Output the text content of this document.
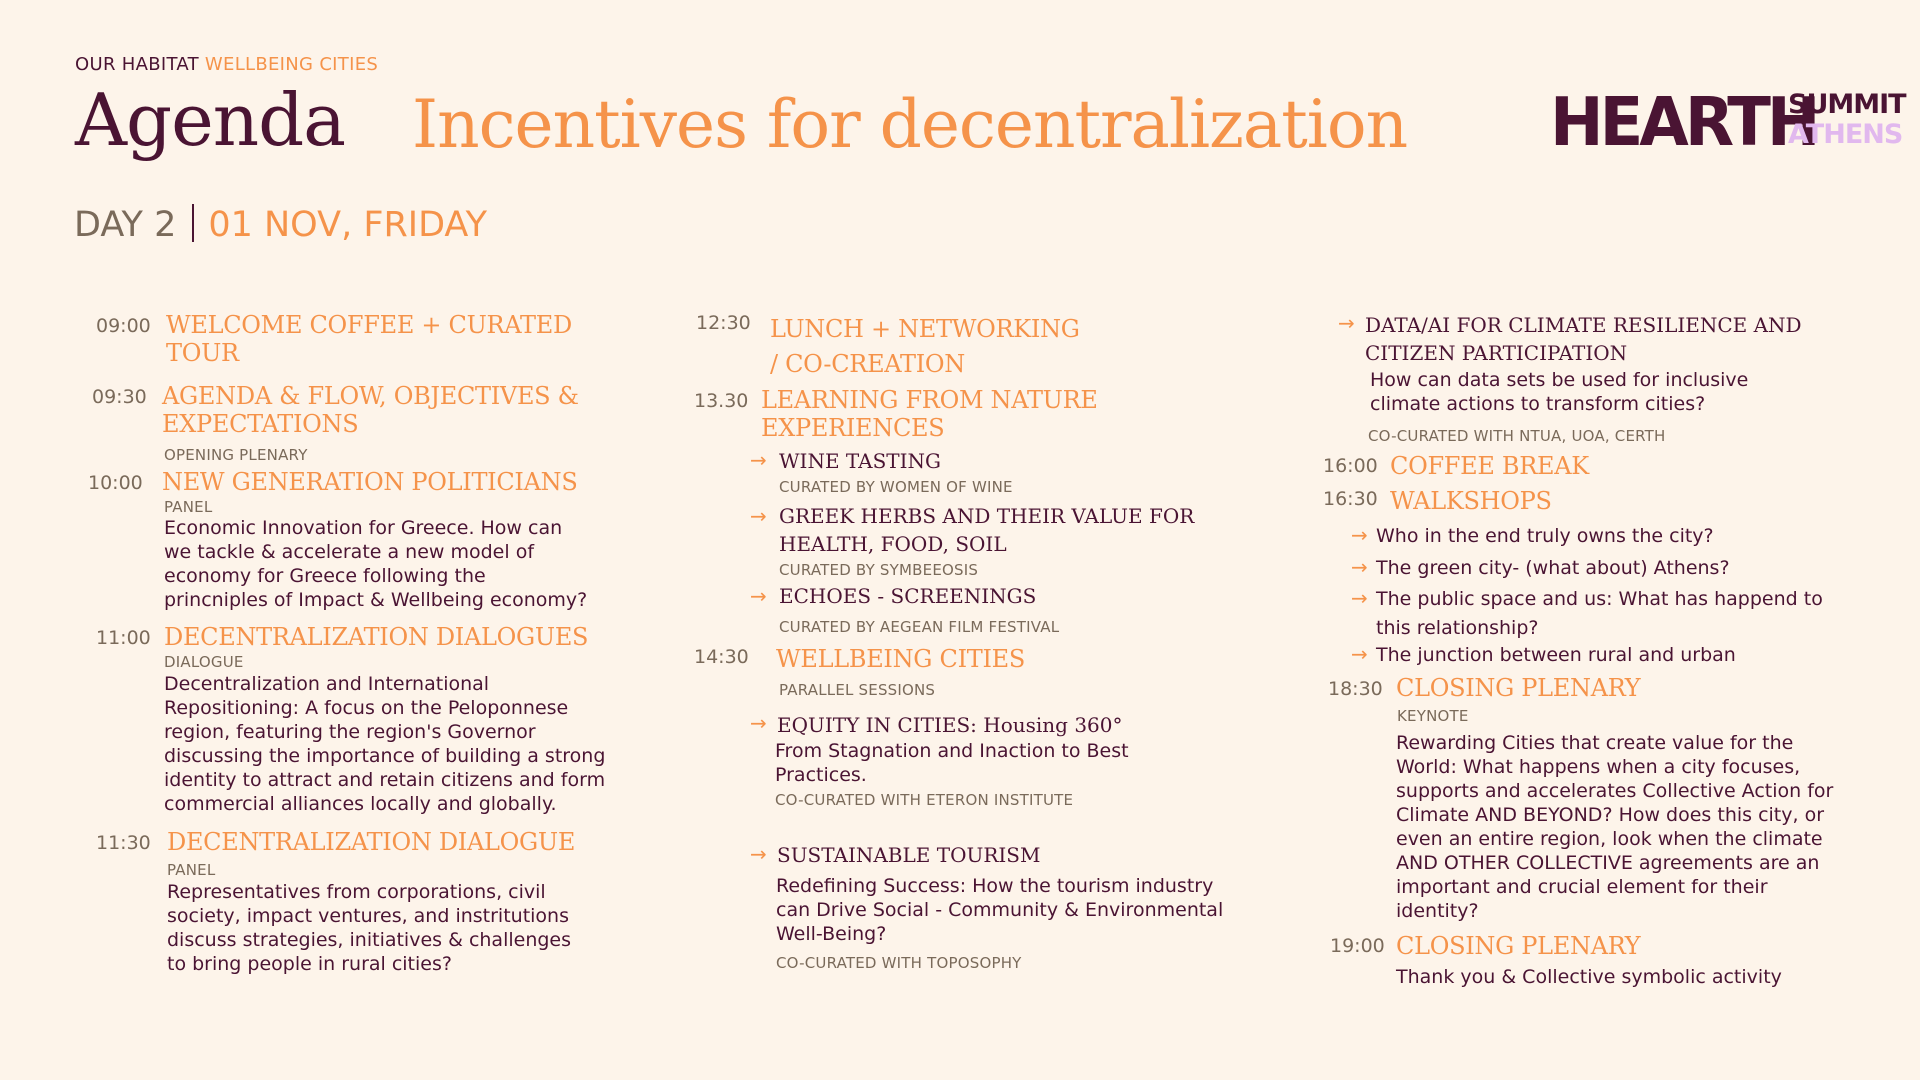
OUR HABITAT WELLBEING CITIES
Agenda Incentives for decentralization HEARTH
SUMMIT
ATHENS
DAY 2 01 NOV, FRIDAY
09:00 WELCOME COFFEE + CURATED
TOUR
09:30 AGENDA & FLOW, OBJECTIVES &
EXPECTATIONS
OPENING PLENARY
10:00 NEW GENERATION POLITICIANS
PANEL
Economic Innovation for Greece. How can
we tackle & accelerate a new model of
economy for Greece following the
princniples of Impact & Wellbeing economy?
11:00 DECENTRALIZATION DIALOGUES
DIALOGUE
Decentralization and International
Repositioning: A focus on the Peloponnese
region, featuring the region's Governor
discussing the importance of building a strong
identity to attract and retain citizens and form
commercial alliances locally and globally.
11:30 DECENTRALIZATION DIALOGUE
PANEL
Representatives from corporations, civil
society, impact ventures, and instritutions
discuss strategies, initiatives & challenges
to bring people in rural cities?
12:30 LUNCH + NETWORKING
/ CO-CREATION
13.30 LEARNING FROM NATURE
EXPERIENCES
→ WINE TASTING
CURATED BY WOMEN OF WINE
→ GREEK HERBS AND THEIR VALUE FOR
HEALTH, FOOD, SOIL
CURATED BY SYMBEEOSIS
→ ECHOES - SCREENINGS
CURATED BY AEGEAN FILM FESTIVAL
14:30 WELLBEING CITIES
PARALLEL SESSIONS
→ EQUITY IN CITIES: Housing 360°
From Stagnation and Inaction to Best
Practices.
CO-CURATED WITH ETERON INSTITUTE
→ SUSTAINABLE TOURISM
Redefining Success: How the tourism industry
can Drive Social - Community & Environmental
Well-Being?
CO-CURATED WITH TOPOSOPHY
→ DATA/AI FOR CLIMATE RESILIENCE AND
CITIZEN PARTICIPATION
How can data sets be used for inclusive
climate actions to transform cities?
CO-CURATED WITH NTUA, UOA, CERTH
16:00 COFFEE BREAK
16:30 WALKSHOPS
→ Who in the end truly owns the city?
→ The green city- (what about) Athens?
→ The public space and us: What has happend to
this relationship?
→ The junction between rural and urban
18:30 CLOSING PLENARY
KEYNOTE
Rewarding Cities that create value for the
World: What happens when a city focuses,
supports and accelerates Collective Action for
Climate AND BEYOND? How does this city, or
even an entire region, look when the climate
AND OTHER COLLECTIVE agreements are an
important and crucial element for their
identity?
19:00 CLOSING PLENARY
Thank you & Collective symbolic activity
